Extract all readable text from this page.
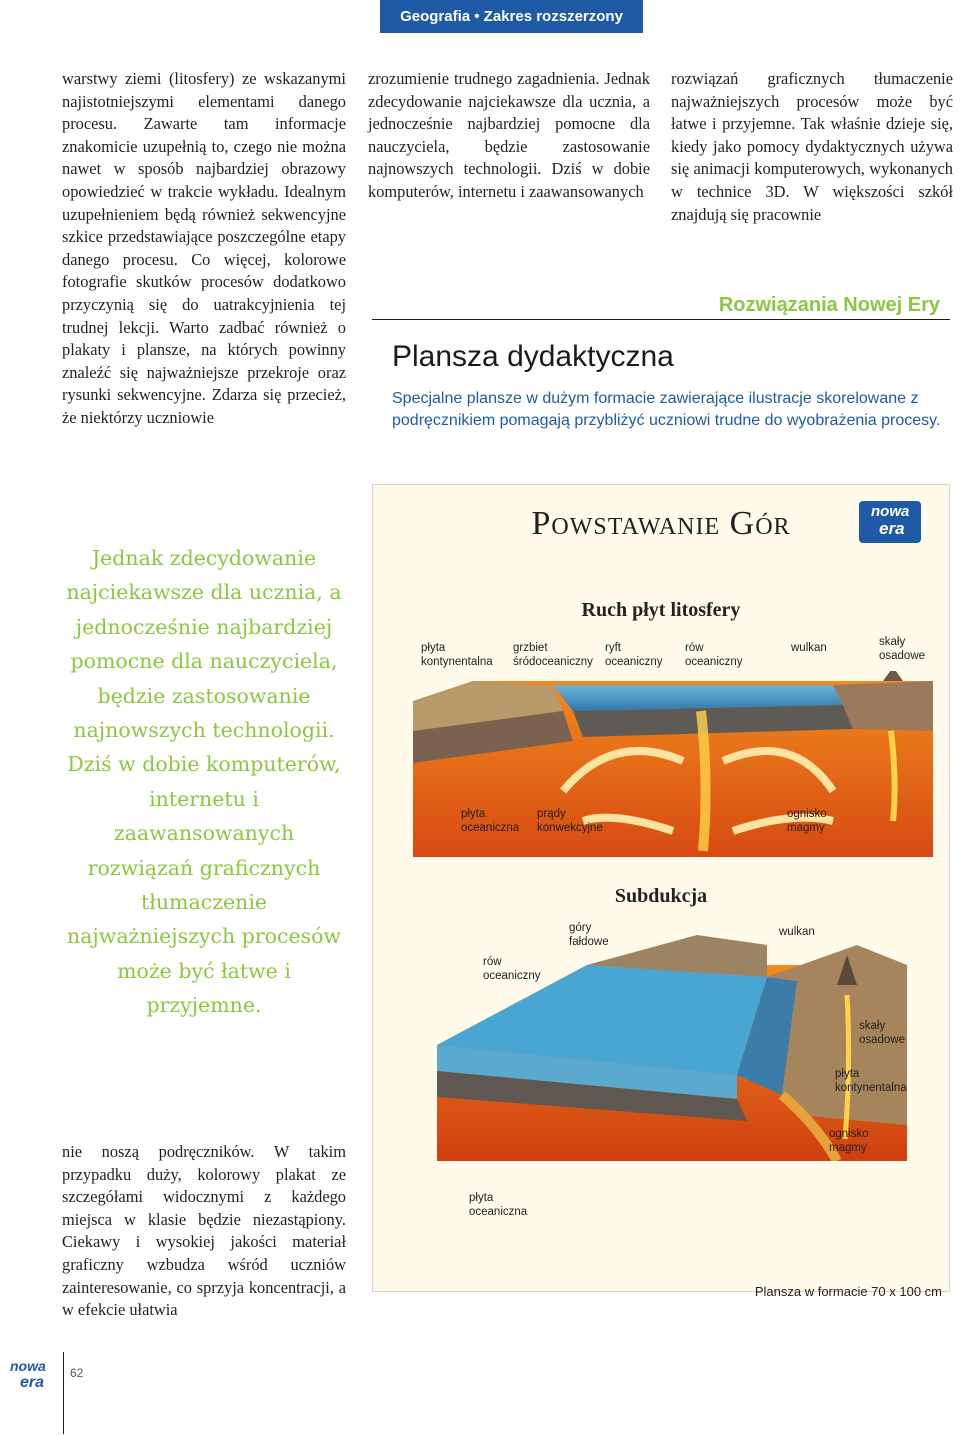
Geografia • Zakres rozszerzony
warstwy ziemi (litosfery) ze wskazanymi najistotniejszymi elementami danego procesu. Zawarte tam informacje znakomicie uzupełnią to, czego nie można nawet w sposób najbardziej obrazowy opowiedzieć w trakcie wykładu. Idealnym uzupełnieniem będą również sekwencyjne szkice przedstawiające poszczególne etapy danego procesu. Co więcej, kolorowe fotografie skutków procesów dodatkowo przyczynią się do uatrakcyjnienia tej trudnej lekcji. Warto zadbać również o plakaty i plansze, na których powinny znaleźć się najważniejsze przekroje oraz rysunki sekwencyjne. Zdarza się przecież, że niektórzy uczniowie
zrozumienie trudnego zagadnienia. Jednak zdecydowanie najciekawsze dla ucznia, a jednocześnie najbardziej pomocne dla nauczyciela, będzie zastosowanie najnowszych technologii. Dziś w dobie komputerów, internetu i zaawansowanych
rozwiązań graficznych tłumaczenie najważniejszych procesów może być łatwe i przyjemne. Tak właśnie dzieje się, kiedy jako pomocy dydaktycznych używa się animacji komputerowych, wykonanych w technice 3D. W większości szkół znajdują się pracownie
Jednak zdecydowanie najciekawsze dla ucznia, a jednocześnie najbardziej pomocne dla nauczyciela, będzie zastosowanie najnowszych technologii. Dziś w dobie komputerów, internetu i zaawansowanych rozwiązań graficznych tłumaczenie najważniejszych procesów może być łatwe i przyjemne.
nie noszą podręczników. W takim przypadku duży, kolorowy plakat ze szczegółami widocznymi z każdego miejsca w klasie będzie niezastąpiony. Ciekawy i wysokiej jakości materiał graficzny wzbudza wśród uczniów zainteresowanie, co sprzyja koncentracji, a w efekcie ułatwia
Rozwiązania Nowej Ery
Plansza dydaktyczna
Specjalne plansze w dużym formacie zawierające ilustracje skorelowane z podręcznikiem pomagają przybliżyć uczniowi trudne do wyobrażenia procesy.
Powstawanie Gór	nowa
era
Ruch płyt litosfery
płyta
kontynentalna
grzbiet
śródoceaniczny
ryft
oceaniczny
rów
oceaniczny
wulkan	skały
osadowe
płyta
oceaniczna
prądy
konwekcyjne
ognisko
magmy
Subdukcja
góry
fałdowe
wulkan
rów
oceaniczny
skały
osadowe
płyta
kontynentalna
ognisko
magmy
płyta
oceaniczna
Plansza w formacie 70 x 100 cm
nowa
era
62
